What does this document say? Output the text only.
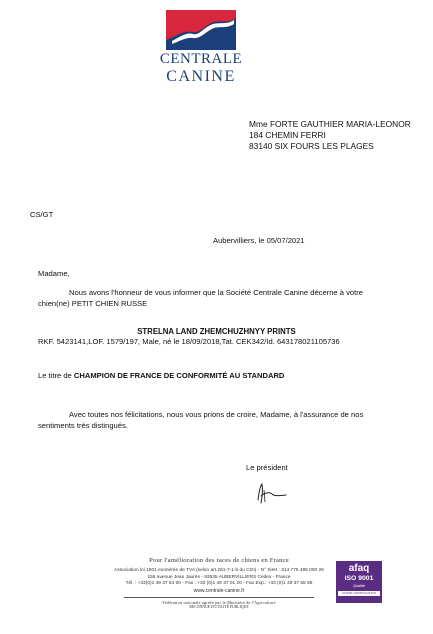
CENTRALE
CANINE
Mme FORTE GAUTHIER MARIA-LEONOR
184 CHEMIN FERRI
83140 SIX FOURS LES PLAGES
CS/GT
Aubervilliers, le 05/07/2021
Madame,
Nous avons l'honneur de vous informer que la Société Centrale Canine décerne à votre
chien(ne) PETIT CHIEN RUSSE
STRELNA LAND ZHEMCHUZHNYY PRINTS
RKF. 5423141,LOF. 1579/197, Male, né le 18/09/2018,Tat. CEK342/Id. 643178021105736
Le titre de CHAMPION DE FRANCE DE CONFORMITÉ AU STANDARD
Avec toutes nos félicitations, nous vous prions de croire, Madame, à l'assurance de nos
sentiments très distingués.
Le président
Pour l'amélioration des races de chiens en France
Association loi 1901 exonérée de TVA (selon art.261-7-1-b du CGI) - N° Siret : 314 775 495 000 26
155 avenue Jean Jaurès - 93535 AUBERVILLIERS Cedex - France
Tél. : +33(0)1 49 37 54 00 - Fax : +33 (0)1 49 37 01 20 - Fax Exp.: +33 (0)1 49 37 55 99
www.centrale-canine.fr
Fédération nationale agréée par le Ministère de l'Agriculture
RECONNUE D'UTILITÉ PUBLIQUE
afaq
ISO 9001
Qualité
AFNOR CERTIFICATION
